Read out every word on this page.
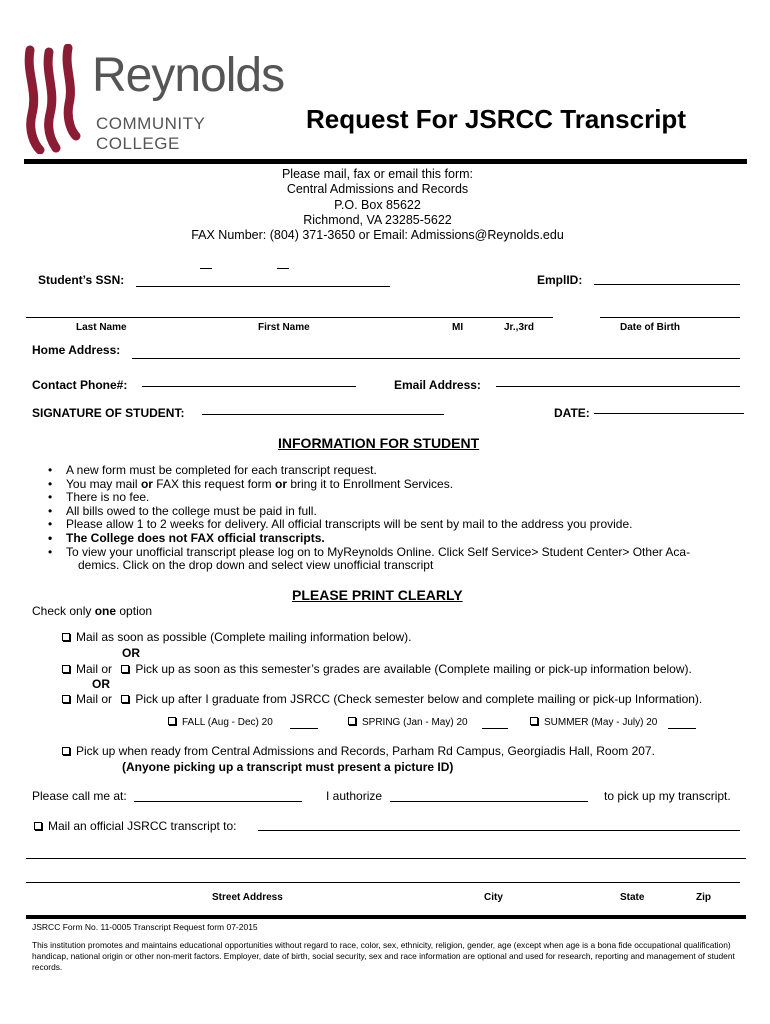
Reynolds
COMMUNITY COLLEGE
Request For JSRCC Transcript
Please mail, fax or email this form:
Central Admissions and Records
P.O. Box 85622
Richmond, VA 23285-5622
FAX Number: (804) 371-3650 or Email: Admissions@Reynolds.edu
Student’s SSN:	EmplID:
Last Name	First Name	MI	Jr.,3rd	Date of Birth
Home Address:
Contact Phone#:	Email Address:
SIGNATURE OF STUDENT:	DATE:
INFORMATION FOR STUDENT
• A new form must be completed for each transcript request.
• You may mail or FAX this request form or bring it to Enrollment Services.
• There is no fee.
• All bills owed to the college must be paid in full.
• Please allow 1 to 2 weeks for delivery. All official transcripts will be sent by mail to the address you provide.
• The College does not FAX official transcripts.
• To view your unofficial transcript please log on to MyReynolds Online. Click Self Service> Student Center> Other Aca-
demics. Click on the drop down and select view unofficial transcript
PLEASE PRINT CLEARLY
Check only one option
Mail as soon as possible (Complete mailing information below).
OR
Mail or Pick up as soon as this semester’s grades are available (Complete mailing or pick-up information below).
OR
Mail or Pick up after I graduate from JSRCC (Check semester below and complete mailing or pick-up Information).
FALL (Aug - Dec) 20	SPRING (Jan - May) 20	SUMMER (May - July) 20
Pick up when ready from Central Admissions and Records, Parham Rd Campus, Georgiadis Hall, Room 207.
(Anyone picking up a transcript must present a picture ID)
Please call me at:	I authorize	to pick up my transcript.
Mail an official JSRCC transcript to:
Street Address	City	State	Zip
JSRCC Form No. 11-0005 Transcript Request form 07-2015
This institution promotes and maintains educational opportunities without regard to race, color, sex, ethnicity, religion, gender, age (except when age is a bona fide occupational qualification) handicap, national origin or other non-merit factors. Employer, date of birth, social security, sex and race information are optional and used for research, reporting and management of student records.
